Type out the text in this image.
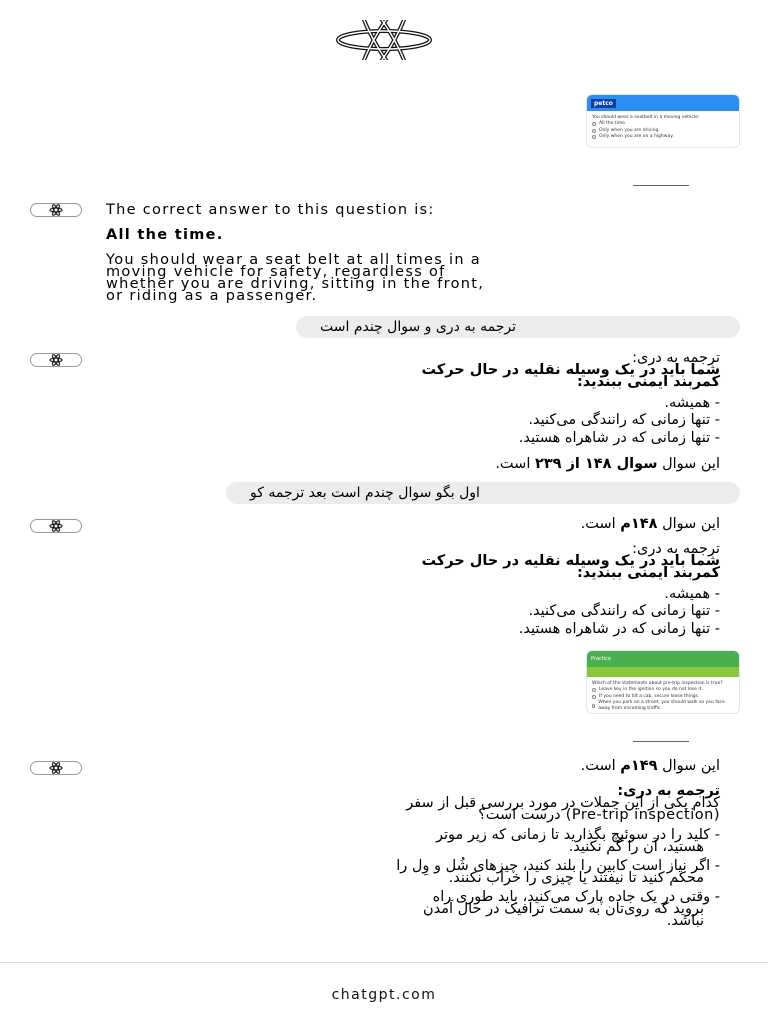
petco
You should wear a seatbelt in a moving vehicle:
All the time.
Only when you are driving.
Only when you are on a highway.
The correct answer to this question is:
All the time.
You should wear a seat belt at all times in a
moving vehicle for safety, regardless of
whether you are driving, sitting in the front,
or riding as a passenger.
ترجمه به دری و سوال چندم است
ترجمه به دری:
شما باید در یک وسیله نقلیه در حال حرکت
کمربند ایمنی ببندید:
- همیشه.
- تنها زمانی که رانندگی می‌کنید.
- تنها زمانی که در شاهراه هستید.
این سوال سوال ۱۴۸ از ۲۳۹ است.
اول بگو سوال چندم است بعد ترجمه کو
این سوال ۱۴۸م است.
ترجمه به دری:
شما باید در یک وسیله نقلیه در حال حرکت
کمربند ایمنی ببندید:
- همیشه.
- تنها زمانی که رانندگی می‌کنید.
- تنها زمانی که در شاهراه هستید.
Practice
Which of the statements about pre-trip inspection is true?
Leave key in the ignition so you do not lose it.
If you need to tilt a cab, secure loose things.
When you park on a street, you should walk so you face away from oncoming traffic.
این سوال ۱۴۹م است.
ترجمه به دری:
کدام یکی از این جملات در مورد بررسی قبل از سفر
(Pre-trip inspection) درست است؟
- کلید را در سوئیچ بگذارید تا زمانی که زیر موتر
هستید، آن را گم نکنید.
- اگر نیاز است کابین را بلند کنید، چیزهای شُل و وِل را
محکم کنید تا نیفتند یا چیزی را خراب نکنند.
- وقتی در یک جاده پارک می‌کنید، باید طوری راه
بروید که روی‌تان به سمت ترافیک در حال آمدن
نباشد.
chatgpt.com
